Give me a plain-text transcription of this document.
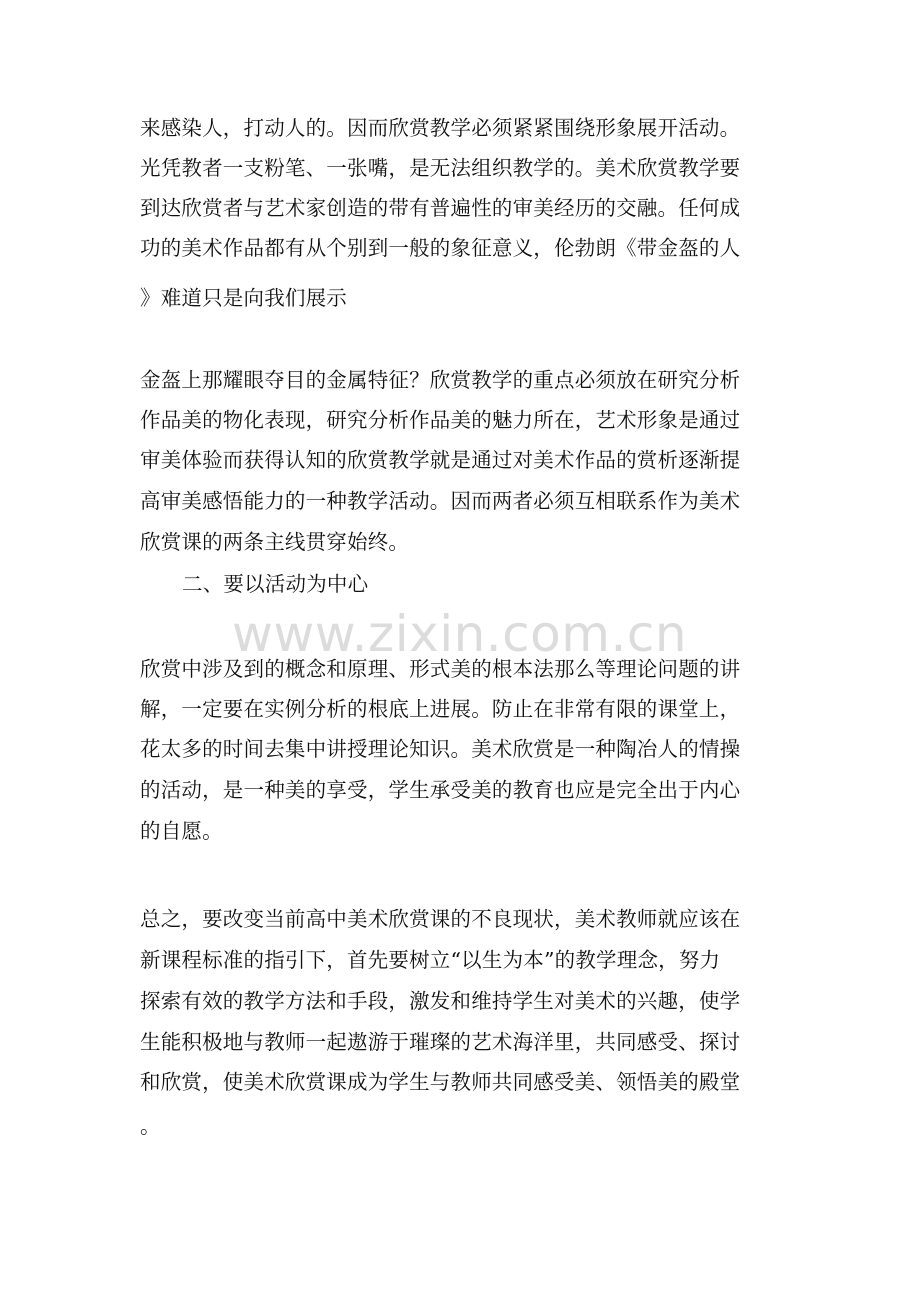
来感染人，打动人的。因而欣赏教学必须紧紧围绕形象展开活动。
光凭教者一支粉笔、一张嘴，是无法组织教学的。美术欣赏教学要
到达欣赏者与艺术家创造的带有普遍性的审美经历的交融。任何成
功的美术作品都有从个别到一般的象征意义，伦勃朗《带金盔的人
》难道只是向我们展示
金盔上那耀眼夺目的金属特征？欣赏教学的重点必须放在研究分析
作品美的物化表现，研究分析作品美的魅力所在，艺术形象是通过
审美体验而获得认知的欣赏教学就是通过对美术作品的赏析逐渐提
高审美感悟能力的一种教学活动。因而两者必须互相联系作为美术
欣赏课的两条主线贯穿始终。
二、要以活动为中心
www.zixin.com.cn
欣赏中涉及到的概念和原理、形式美的根本法那么等理论问题的讲
解，一定要在实例分析的根底上进展。防止在非常有限的课堂上，
花太多的时间去集中讲授理论知识。美术欣赏是一种陶冶人的情操
的活动，是一种美的享受，学生承受美的教育也应是完全出于内心
的自愿。
总之，要改变当前高中美术欣赏课的不良现状，美术教师就应该在
新课程标准的指引下，首先要树立“以生为本”的教学理念，努力
探索有效的教学方法和手段，激发和维持学生对美术的兴趣，使学
生能积极地与教师一起遨游于璀璨的艺术海洋里，共同感受、探讨
和欣赏，使美术欣赏课成为学生与教师共同感受美、领悟美的殿堂
。
